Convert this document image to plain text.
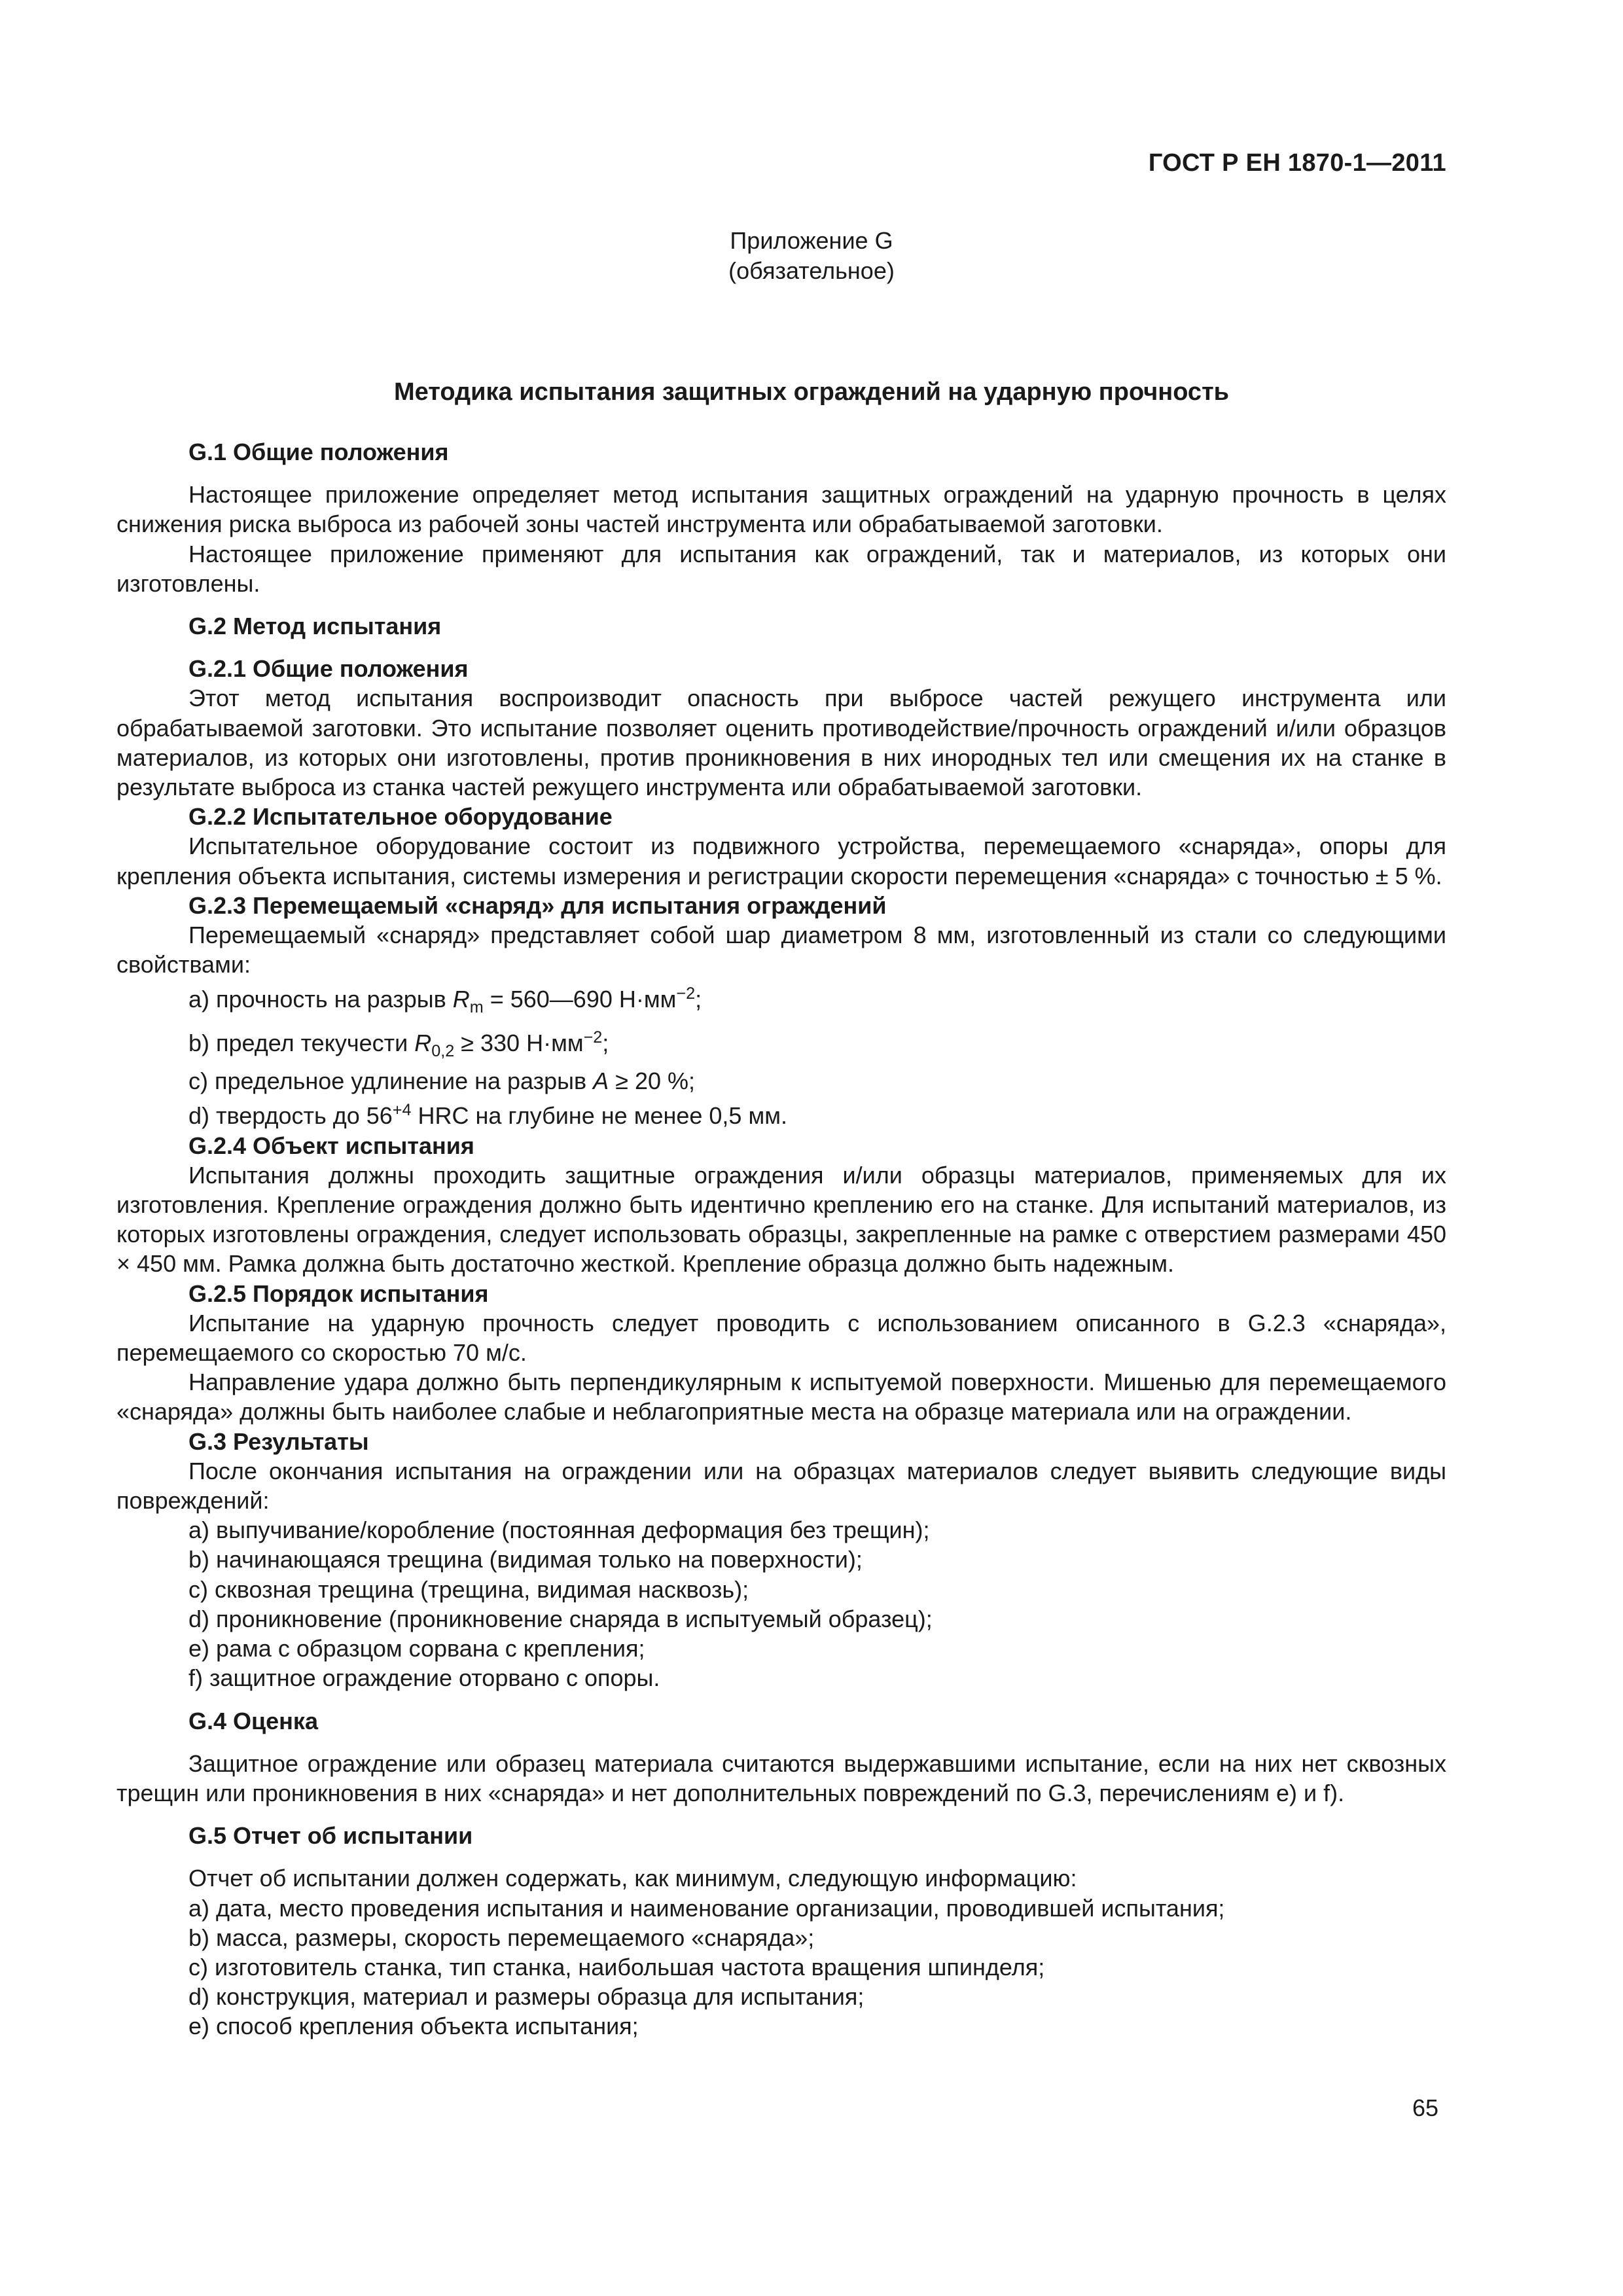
ГОСТ Р ЕН 1870-1—2011
Приложение G
(обязательное)
Методика испытания защитных ограждений на ударную прочность
G.1 Общие положения
Настоящее приложение определяет метод испытания защитных ограждений на ударную прочность в целях снижения риска выброса из рабочей зоны частей инструмента или обрабатываемой заготовки.
Настоящее приложение применяют для испытания как ограждений, так и материалов, из которых они изготовлены.
G.2 Метод испытания
G.2.1 Общие положения
Этот метод испытания воспроизводит опасность при выбросе частей режущего инструмента или обрабатываемой заготовки. Это испытание позволяет оценить противодействие/прочность ограждений и/или образцов материалов, из которых они изготовлены, против проникновения в них инородных тел или смещения их на станке в результате выброса из станка частей режущего инструмента или обрабатываемой заготовки.
G.2.2 Испытательное оборудование
Испытательное оборудование состоит из подвижного устройства, перемещаемого «снаряда», опоры для крепления объекта испытания, системы измерения и регистрации скорости перемещения «снаряда» с точностью ± 5 %.
G.2.3 Перемещаемый «снаряд» для испытания ограждений
Перемещаемый «снаряд» представляет собой шар диаметром 8 мм, изготовленный из стали со следующими свойствами:
a) прочность на разрыв $R_m$ = 560—690 $Н\cdot мм^{-2}$;
b) предел текучести $R_{0,2} \ge 330$ $Н\cdot мм^{-2}$;
c) предельное удлинение на разрыв A ≥ 20 %;
d) твердость до $56^{+4}$ HRC на глубине не менее 0,5 мм.
G.2.4 Объект испытания
Испытания должны проходить защитные ограждения и/или образцы материалов, применяемых для их изготовления. Крепление ограждения должно быть идентично креплению его на станке. Для испытаний материалов, из которых изготовлены ограждения, следует использовать образцы, закрепленные на рамке с отверстием размерами 450 × 450 мм. Рамка должна быть достаточно жесткой. Крепление образца должно быть надежным.
G.2.5 Порядок испытания
Испытание на ударную прочность следует проводить с использованием описанного в G.2.3 «снаряда», перемещаемого со скоростью 70 м/с.
Направление удара должно быть перпендикулярным к испытуемой поверхности. Мишенью для перемещаемого «снаряда» должны быть наиболее слабые и неблагоприятные места на образце материала или на ограждении.
G.3 Результаты
После окончания испытания на ограждении или на образцах материалов следует выявить следующие виды повреждений:
a) выпучивание/коробление (постоянная деформация без трещин);
b) начинающаяся трещина (видимая только на поверхности);
c) сквозная трещина (трещина, видимая насквозь);
d) проникновение (проникновение снаряда в испытуемый образец);
e) рама с образцом сорвана с крепления;
f) защитное ограждение оторвано с опоры.
G.4 Оценка
Защитное ограждение или образец материала считаются выдержавшими испытание, если на них нет сквозных трещин или проникновения в них «снаряда» и нет дополнительных повреждений по G.3, перечислениям e) и f).
G.5 Отчет об испытании
Отчет об испытании должен содержать, как минимум, следующую информацию:
a) дата, место проведения испытания и наименование организации, проводившей испытания;
b) масса, размеры, скорость перемещаемого «снаряда»;
c) изготовитель станка, тип станка, наибольшая частота вращения шпинделя;
d) конструкция, материал и размеры образца для испытания;
e) способ крепления объекта испытания;
65
